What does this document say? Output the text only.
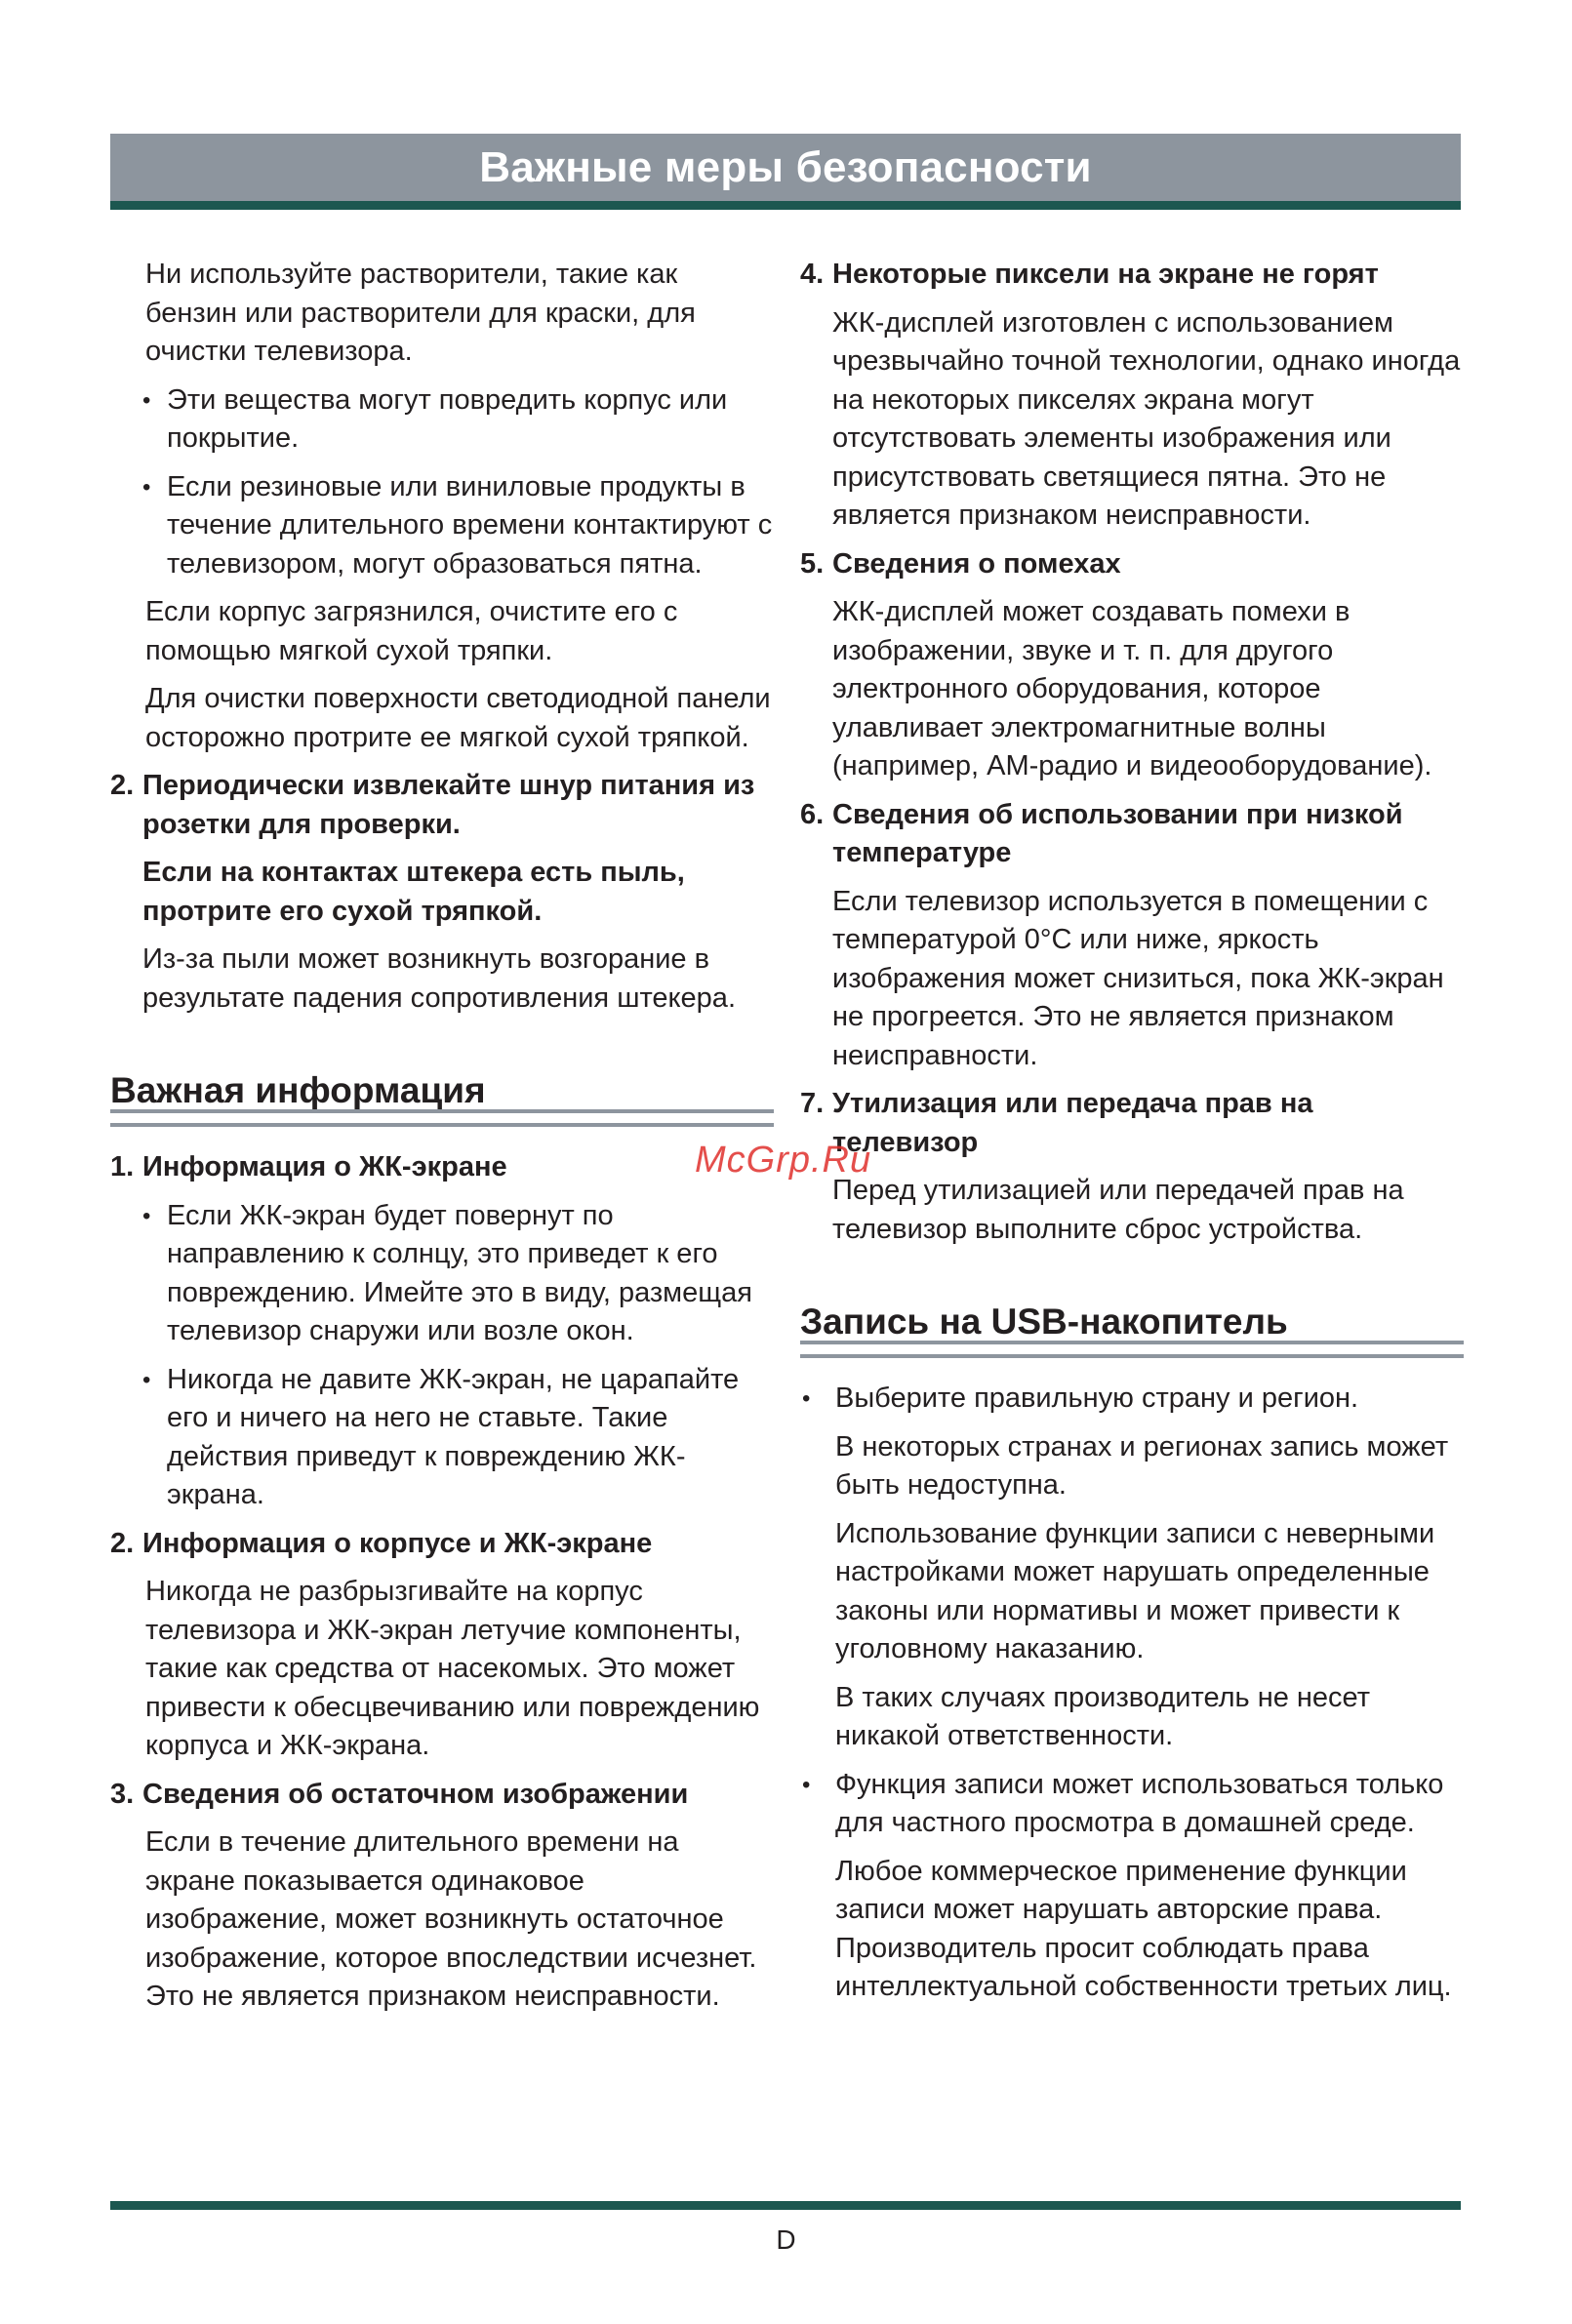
Важные меры безопасности

Ни используйте растворители, такие как бензин или растворители для краски, для очистки телевизора.

• Эти вещества могут повредить корпус или покрытие.
• Если резиновые или виниловые продукты в течение длительного времени контактируют с телевизором, могут образоваться пятна.

Если корпус загрязнился, очистите его с помощью мягкой сухой тряпки.

Для очистки поверхности светодиодной панели осторожно протрите ее мягкой сухой тряпкой.

2. Периодически извлекайте шнур питания из розетки для проверки.

Если на контактах штекера есть пыль, протрите его сухой тряпкой.

Из-за пыли может возникнуть возгорание в результате падения сопротивления штекера.

Важная информация
1. Информация о ЖК-экране
• Если ЖК-экран будет повернут по направлению к солнцу, это приведет к его повреждению. Имейте это в виду, размещая телевизор снаружи или возле окон.
• Никогда не давите ЖК-экран, не царапайте его и ничего на него не ставьте. Такие действия приведут к повреждению ЖК-экрана.
2. Информация о корпусе и ЖК-экране

Никогда не разбрызгивайте на корпус телевизора и ЖК-экран летучие компоненты, такие как средства от насекомых. Это может привести к обесцвечиванию или повреждению корпуса и ЖК-экрана.

3. Сведения об остаточном изображении

Если в течение длительного времени на экране показывается одинаковое изображение, может возникнуть остаточное изображение, которое впоследствии исчезнет. Это не является признаком неисправности.

4. Некоторые пиксели на экране не горят

ЖК-дисплей изготовлен с использованием чрезвычайно точной технологии, однако иногда на некоторых пикселях экрана могут отсутствовать элементы изображения или присутствовать светящиеся пятна. Это не является признаком неисправности.

5. Сведения о помехах

ЖК-дисплей может создавать помехи в изображении, звуке и т. п. для другого электронного оборудования, которое улавливает электромагнитные волны (например, АМ-радио и видеооборудование).

6. Сведения об использовании при низкой температуре

Если телевизор используется в помещении с температурой 0°C или ниже, яркость изображения может снизиться, пока ЖК-экран не прогреется. Это не является признаком неисправности.

7. Утилизация или передача прав на телевизор

Перед утилизацией или передачей прав на телевизор выполните сброс устройства.

Запись на USB-накопитель
• Выберите правильную страну и регион.

В некоторых странах и регионах запись может быть недоступна.

Использование функции записи с неверными настройками может нарушать определенные законы или нормативы и может привести к уголовному наказанию.

В таких случаях производитель не несет никакой ответственности.

• Функция записи может использоваться только для частного просмотра в домашней среде.

Любое коммерческое применение функции записи может нарушать авторские права. Производитель просит соблюдать права интеллектуальной собственности третьих лиц.

McGrp.Ru
D
